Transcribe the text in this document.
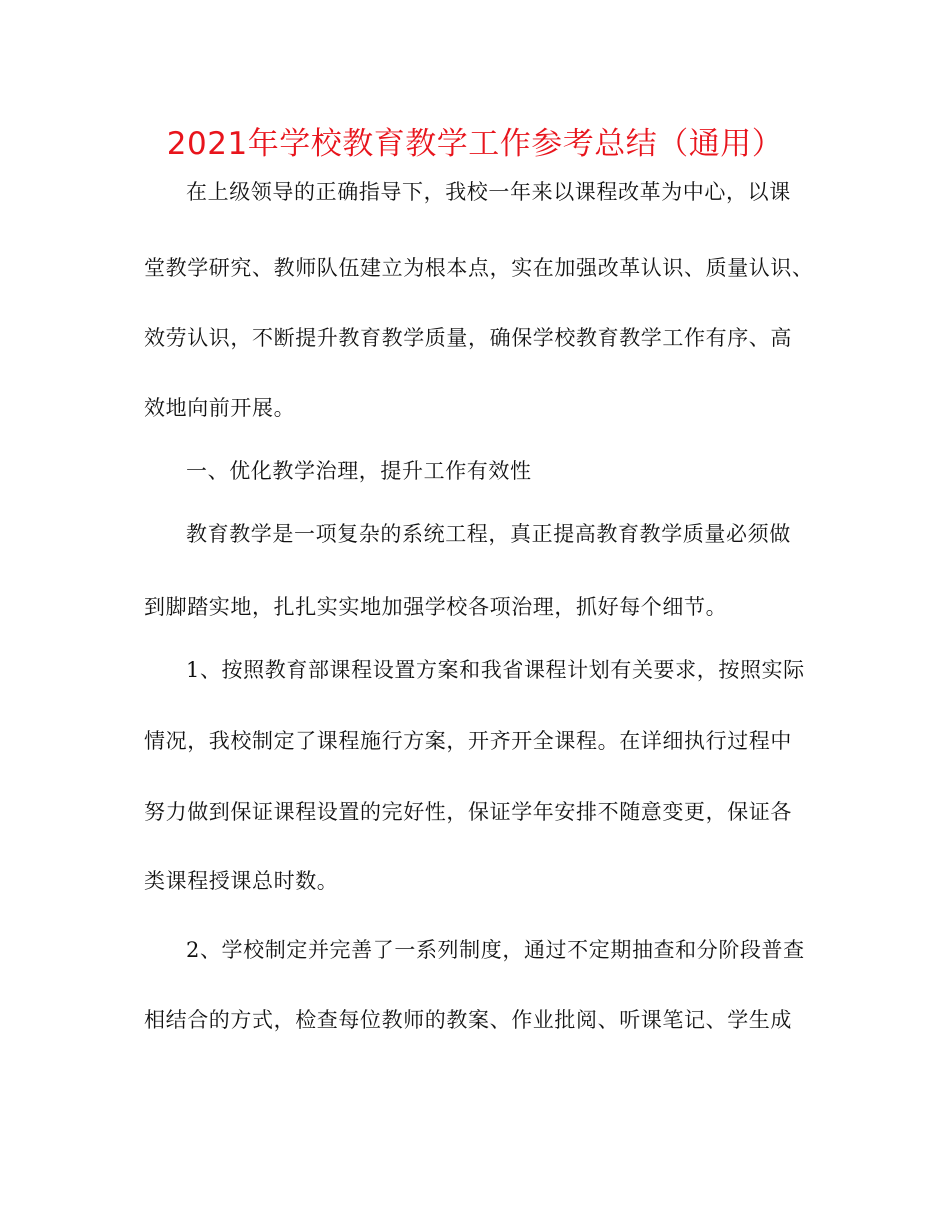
2021年学校教育教学工作参考总结（通用）
在上级领导的正确指导下，我校一年来以课程改革为中心，以课
堂教学研究、教师队伍建立为根本点，实在加强改革认识、质量认识、
效劳认识，不断提升教育教学质量，确保学校教育教学工作有序、高
效地向前开展。
一、优化教学治理，提升工作有效性
教育教学是一项复杂的系统工程，真正提高教育教学质量必须做
到脚踏实地，扎扎实实地加强学校各项治理，抓好每个细节。
1、按照教育部课程设置方案和我省课程计划有关要求，按照实际
情况，我校制定了课程施行方案，开齐开全课程。在详细执行过程中
努力做到保证课程设置的完好性，保证学年安排不随意变更，保证各
类课程授课总时数。
2、学校制定并完善了一系列制度，通过不定期抽查和分阶段普查
相结合的方式，检查每位教师的教案、作业批阅、听课笔记、学生成
